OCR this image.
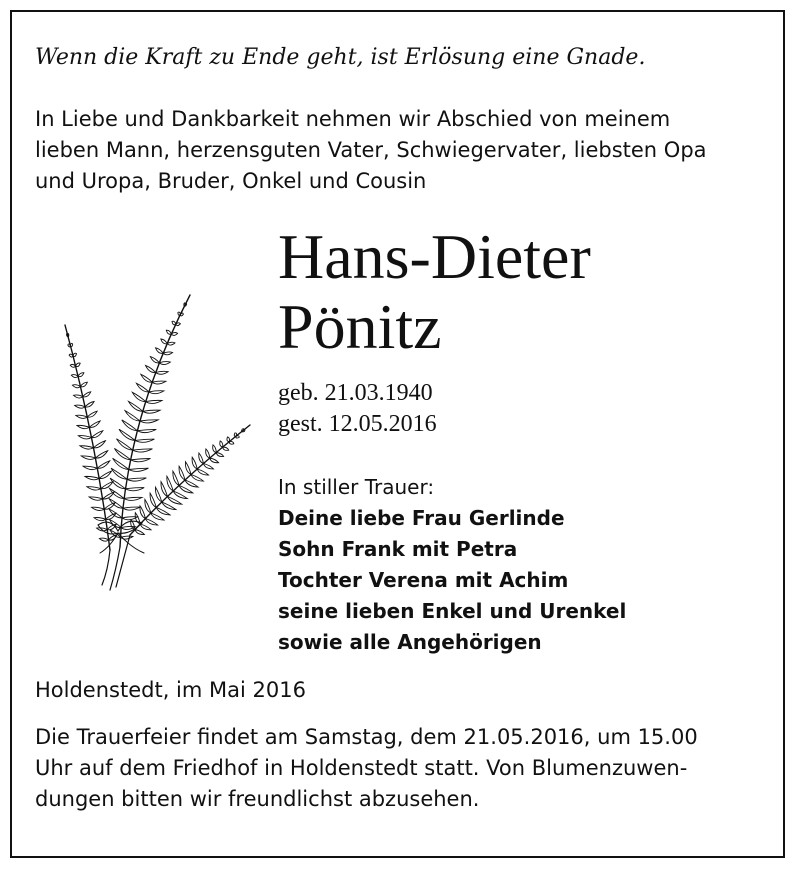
Wenn die Kraft zu Ende geht, ist Erlösung eine Gnade.
In Liebe und Dankbarkeit nehmen wir Abschied von meinem
lieben Mann, herzensguten Vater, Schwiegervater, liebsten Opa
und Uropa, Bruder, Onkel und Cousin
Hans-Dieter
Pönitz
geb. 21.03.1940
gest. 12.05.2016
In stiller Trauer:
Deine liebe Frau Gerlinde
Sohn Frank mit Petra
Tochter Verena mit Achim
seine lieben Enkel und Urenkel
sowie alle Angehörigen
Holdenstedt, im Mai 2016
Die Trauerfeier findet am Samstag, dem 21.05.2016, um 15.00
Uhr auf dem Friedhof in Holdenstedt statt. Von Blumenzuwen-
dungen bitten wir freundlichst abzusehen.
